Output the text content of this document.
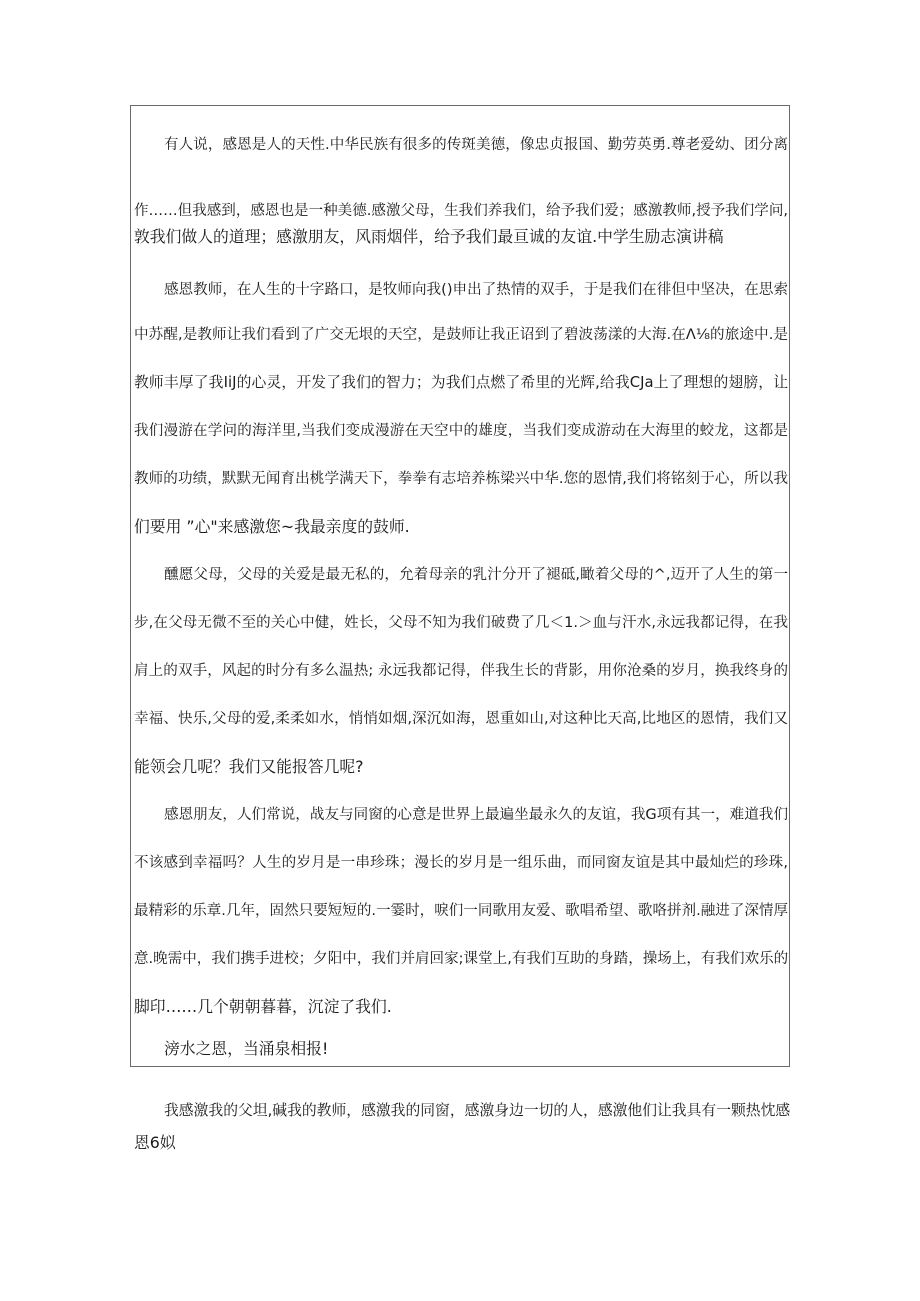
有人说，感恩是人的天性.中华民族有很多的传斑美德，像忠贞报国、勤劳英勇.尊老爱幼、团分离
作……但我感到，感恩也是一种美德.感激父母，生我们养我们，给予我们爱；感激教师,授予我们学问,
敦我们做人的道理；感激朋友，风雨烟伴，给予我们最亘诚的友谊.中学生励志演讲稿
感恩教师，在人生的十字路口，是牧师向我()申出了热情的双手，于是我们在徘但中坚决，在思索
中苏醒,是教师让我们看到了广交无垠的天空，是鼓师让我正诏到了碧波荡漾的大海.在Λ⅛的旅途中.是
教师丰厚了我IiJ的心灵，开发了我们的智力；为我们点燃了希里的光辉,给我CJa上了理想的翅膀，让
我们漫游在学问的海洋里,当我们变成漫游在天空中的雄度，当我们变成游动在大海里的蛟龙，这都是
教师的功绩，默默无闻育出桃学满天下，拳拳有志培养栋梁兴中华.您的恩情,我们将铭刻于心，所以我
们要用 ”心"来感激您~我最亲度的鼓师.
醺愿父母，父母的关爱是最无私的，允着母亲的乳汁分开了褪砥,瞰着父母的^,迈开了人生的第一
步,在父母无微不至的关心中健，姓长，父母不知为我们破费了几＜1.＞血与汗水,永远我都记得，在我
肩上的双手，风起的时分有多么温热; 永远我都记得，伴我生长的背影，用你沧桑的岁月，换我终身的
幸福、快乐,父母的爱,柔柔如水，悄悄如烟,深沉如海，恩重如山,对这种比天高,比地区的恩情，我们又
能领会几呢？我们又能报答几呢?
感恩朋友，人们常说，战友与同窗的心意是世界上最遍坐最永久的友谊，我G项有其一，难道我们
不该感到幸福吗？人生的岁月是一串珍珠；漫长的岁月是一组乐曲，而同窗友谊是其中最灿烂的珍珠,
最精彩的乐章.几年，固然只要短短的.一霎时，唳们一同歌用友爱、歌唱希望、歌咯拼剂.融进了深情厚
意.晚需中，我们携手进校；夕阳中，我们并肩回家;课堂上,有我们互助的身踏，操场上，有我们欢乐的
脚印……几个朝朝暮暮，沉淀了我们.
滂水之恩，当涌泉相报!
我感激我的父坦,碱我的教师，感激我的同窗，感激身边一切的人，感激他们让我具有一颗热忱感
恩6姒
